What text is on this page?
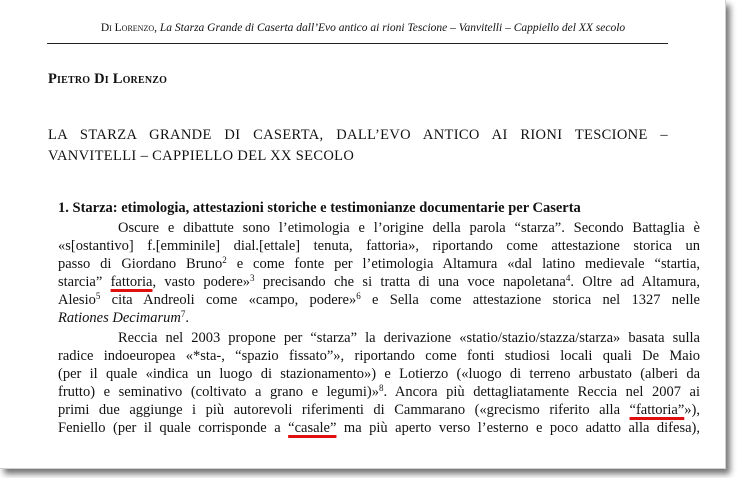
Di Lorenzo, La Starza Grande di Caserta dall’Evo antico ai rioni Tescione – Vanvitelli – Cappiello del XX secolo
Pietro Di Lorenzo
LA STARZA GRANDE DI CASERTA, DALL’EVO ANTICO AI RIONI TESCIONE – VANVITELLI – CAPPIELLO DEL XX SECOLO
1. Starza: etimologia, attestazioni storiche e testimonianze documentarie per Caserta
Oscure e dibattute sono l’etimologia e l’origine della parola “starza”. Secondo Battaglia è
«s[ostantivo] f.[emminile] dial.[ettale] tenuta, fattoria», riportando come attestazione storica un
passo di Giordano Bruno$^2$ e come fonte per l’etimologia Altamura «dal latino medievale “startia,
starcia” fattoria, vasto podere»$^3$ precisando che si tratta di una voce napoletana$^4$. Oltre ad Altamura,
Alesio$^5$ cita Andreoli come «campo, podere»$^6$ e Sella come attestazione storica nel 1327 nelle
Rationes Decimarum$^7$.
Reccia nel 2003 propone per “starza” la derivazione «statio/stazio/stazza/starza» basata sulla
radice indoeuropea «*sta-, “spazio fissato”», riportando come fonti studiosi locali quali De Maio
(per il quale «indica un luogo di stazionamento») e Lotierzo («luogo di terreno arbustato (alberi da
frutto) e seminativo (coltivato a grano e legumi)»$^8$. Ancora più dettagliatamente Reccia nel 2007 ai
primi due aggiunge i più autorevoli riferimenti di Cammarano («grecismo riferito alla “fattoria”»),
Feniello (per il quale corrisponde a “casale” ma più aperto verso l’esterno e poco adatto alla difesa),
